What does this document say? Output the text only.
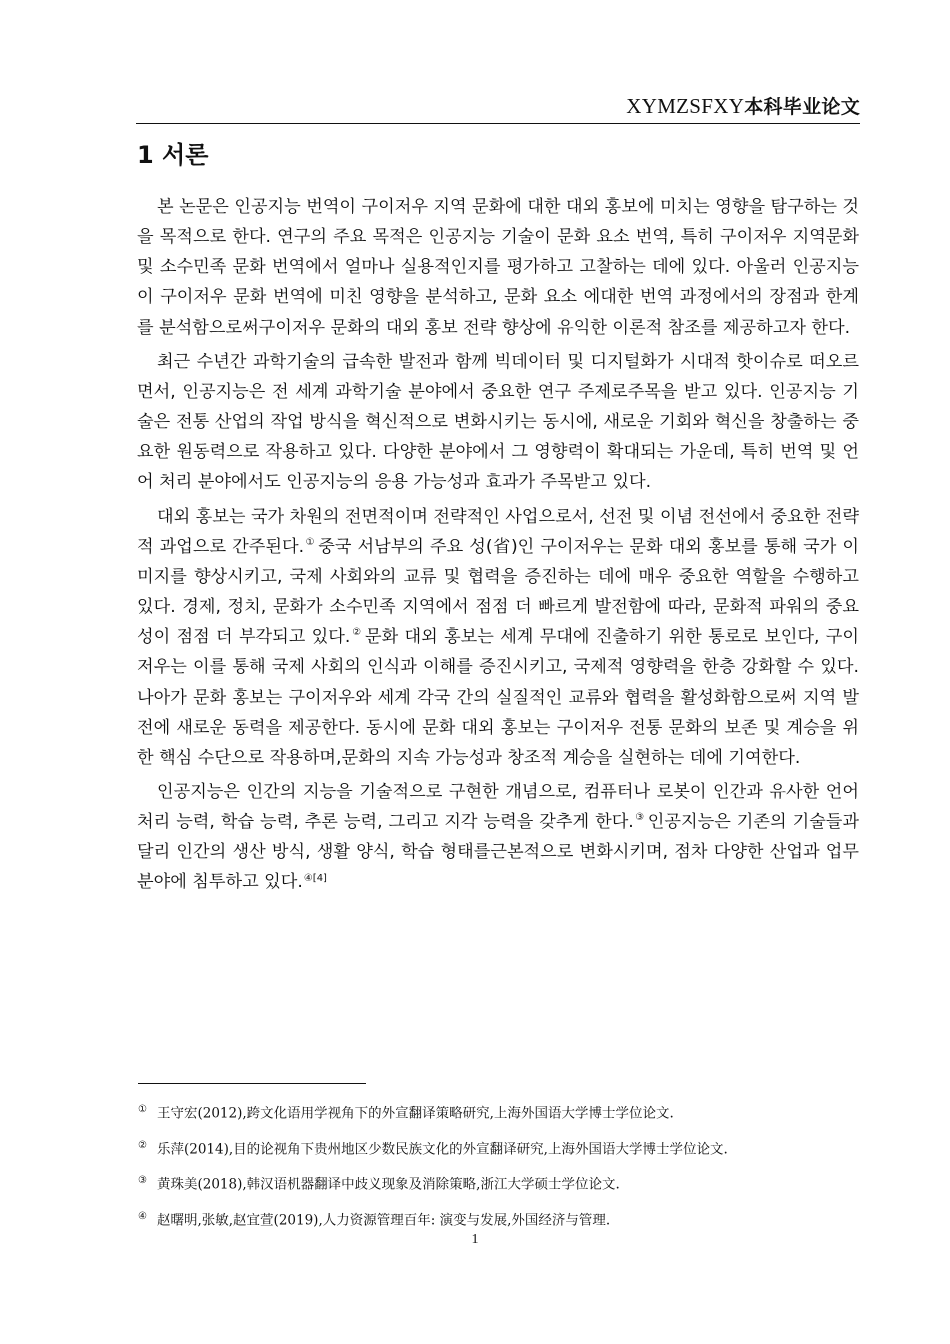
XYMZSFXY本科毕业论文
1 서론

본 논문은 인공지능 번역이 구이저우 지역 문화에 대한 대외 홍보에 미치는 영향을 탐구하는 것을 목적으로 한다. 연구의 주요 목적은 인공지능 기술이 문화 요소 번역, 특히 구이저우 지역문화 및 소수민족 문화 번역에서 얼마나 실용적인지를 평가하고 고찰하는 데에 있다. 아울러 인공지능이 구이저우 문화 번역에 미친 영향을 분석하고, 문화 요소 에대한 번역 과정에서의 장점과 한계를 분석함으로써구이저우 문화의 대외 홍보 전략 향상에 유익한 이론적 참조를 제공하고자 한다.

최근 수년간 과학기술의 급속한 발전과 함께 빅데이터 및 디지털화가 시대적 핫이슈로 떠오르면서, 인공지능은 전 세계 과학기술 분야에서 중요한 연구 주제로주목을 받고 있다. 인공지능 기술은 전통 산업의 작업 방식을 혁신적으로 변화시키는 동시에, 새로운 기회와 혁신을 창출하는 중요한 원동력으로 작용하고 있다. 다양한 분야에서 그 영향력이 확대되는 가운데, 특히 번역 및 언어 처리 분야에서도 인공지능의 응용 가능성과 효과가 주목받고 있다.

대외 홍보는 국가 차원의 전면적이며 전략적인 사업으로서, 선전 및 이념 전선에서 중요한 전략적 과업으로 간주된다.① 중국 서남부의 주요 성(省)인 구이저우는 문화 대외 홍보를 통해 국가 이미지를 향상시키고, 국제 사회와의 교류 및 협력을 증진하는 데에 매우 중요한 역할을 수행하고 있다. 경제, 정치, 문화가 소수민족 지역에서 점점 더 빠르게 발전함에 따라, 문화적 파워의 중요성이 점점 더 부각되고 있다.② 문화 대외 홍보는 세계 무대에 진출하기 위한 통로로 보인다, 구이저우는 이를 통해 국제 사회의 인식과 이해를 증진시키고, 국제적 영향력을 한층 강화할 수 있다. 나아가 문화 홍보는 구이저우와 세계 각국 간의 실질적인 교류와 협력을 활성화함으로써 지역 발전에 새로운 동력을 제공한다. 동시에 문화 대외 홍보는 구이저우 전통 문화의 보존 및 계승을 위한 핵심 수단으로 작용하며,문화의 지속 가능성과 창조적 계승을 실현하는 데에 기여한다.

인공지능은 인간의 지능을 기술적으로 구현한 개념으로, 컴퓨터나 로봇이 인간과 유사한 언어 처리 능력, 학습 능력, 추론 능력, 그리고 지각 능력을 갖추게 한다.③ 인공지능은 기존의 기술들과 달리 인간의 생산 방식, 생활 양식, 학습 형태를근본적으로 변화시키며, 점차 다양한 산업과 업무 분야에 침투하고 있다.$^{④[4]}$

① 王守宏(2012),跨文化语用学视角下的外宣翻译策略研究,上海外国语大学博士学位论文.
② 乐萍(2014),目的论视角下贵州地区少数民族文化的外宣翻译研究,上海外国语大学博士学位论文.
③ 黄珠美(2018),韩汉语机器翻译中歧义现象及消除策略,浙江大学硕士学位论文.
④ 赵曙明,张敏,赵宜萱(2019),人力资源管理百年: 演变与发展,外国经济与管理.
1
